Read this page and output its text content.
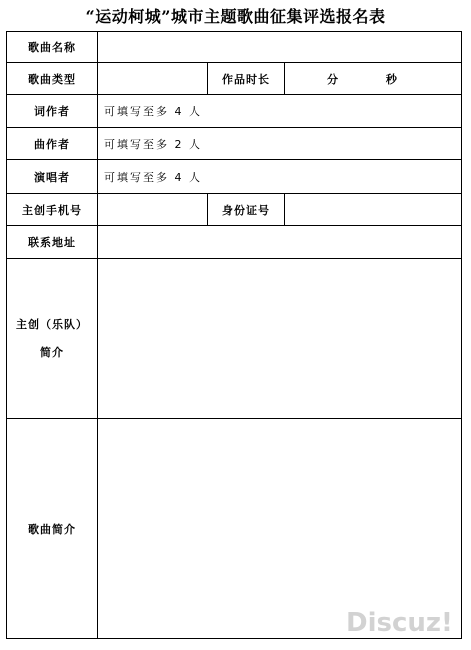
“运动柯城”城市主题歌曲征集评选报名表
歌曲名称			
歌曲类型		作品时长	分 秒
词作者	可填写至多 4 人		
曲作者	可填写至多 2 人		
演唱者	可填写至多 4 人		
主创手机号		身份证号	
联系地址			

主创（乐队）
简介			

歌曲简介			
Discuz!
